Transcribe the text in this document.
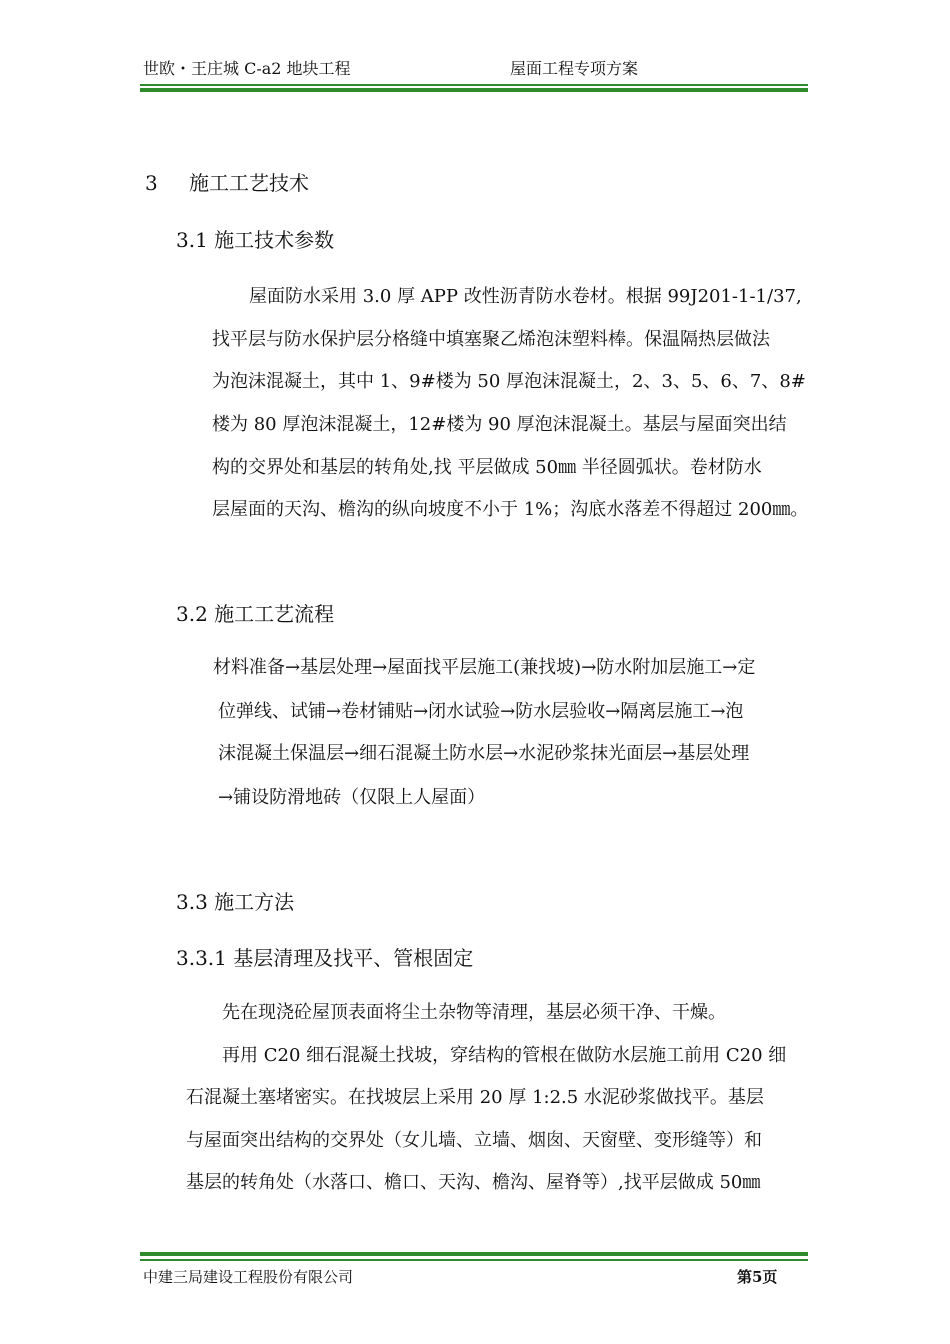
世欧・王庄城 C-a2 地块工程	屋面工程专项方案
3 施工工艺技术
3.1 施工技术参数
屋面防水采用 3.0 厚 APP 改性沥青防水卷材。根据 99J201-1-1/37,
找平层与防水保护层分格缝中填塞聚乙烯泡沫塑料棒。保温隔热层做法
为泡沫混凝土，其中 1、9#楼为 50 厚泡沫混凝土，2、3、5、6、7、8#
楼为 80 厚泡沫混凝土，12#楼为 90 厚泡沫混凝土。基层与屋面突出结
构的交界处和基层的转角处,找 平层做成 50㎜ 半径圆弧状。卷材防水
层屋面的天沟、檐沟的纵向坡度不小于 1%；沟底水落差不得超过 200㎜。
3.2 施工工艺流程
材料准备→基层处理→屋面找平层施工(兼找坡)→防水附加层施工→定
位弹线、试铺→卷材铺贴→闭水试验→防水层验收→隔离层施工→泡
沫混凝土保温层→细石混凝土防水层→水泥砂浆抹光面层→基层处理
→铺设防滑地砖（仅限上人屋面）
3.3 施工方法
3.3.1 基层清理及找平、管根固定
先在现浇砼屋顶表面将尘土杂物等清理，基层必须干净、干燥。
再用 C20 细石混凝土找坡，穿结构的管根在做防水层施工前用 C20 细
石混凝土塞堵密实。在找坡层上采用 20 厚 1:2.5 水泥砂浆做找平。基层
与屋面突出结构的交界处（女儿墙、立墙、烟囱、天窗壁、变形缝等）和
基层的转角处（水落口、檐口、天沟、檐沟、屋脊等）,找平层做成 50㎜
中建三局建设工程股份有限公司	第5页
